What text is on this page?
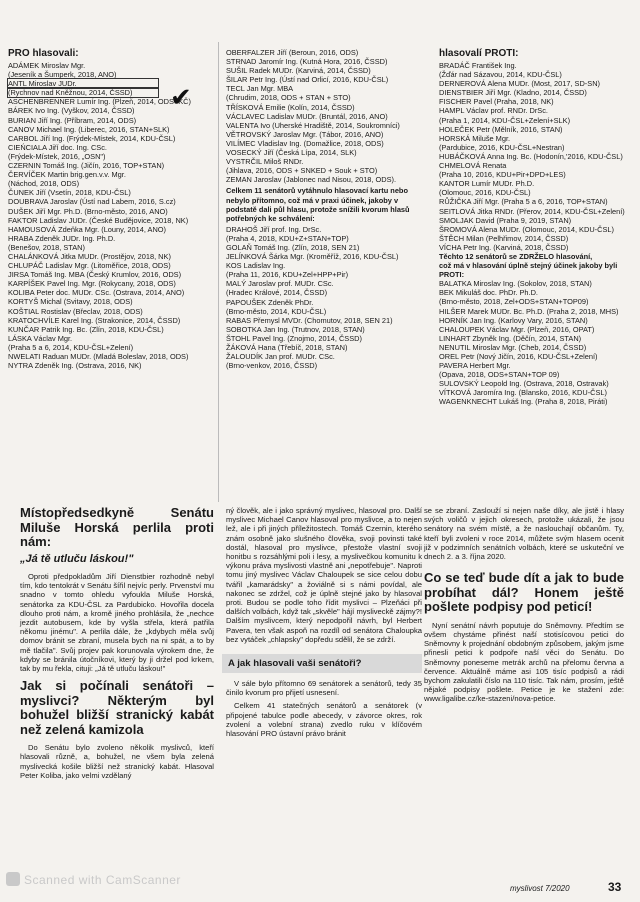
PRO hlasovali:
ADÁMEK Miroslav Mgr.
(Jeseník a Šumperk, 2018, ANO)
ANTL Miroslav JUDr.
(Rychnov nad Kněžnou, 2014, ČSSD)
ASCHENBRENNER Lumír Ing. (Plzeň, 2014, ODS+KČ)
BÁREK Ivo Ing. (Vyškov, 2014, ČSSD)
BURIAN Jiří Ing. (Příbram, 2014, ODS)
CANOV Michael Ing. (Liberec, 2016, STAN+SLK)
CARBOL Jiří Ing. (Frýdek-Místek, 2014, KDU-ČSL)
CIEŃCIALA Jiří doc. Ing. CSc.
(Frýdek-Místek, 2016, „OSN")
CZERNIN Tomáš Ing. (Jičín, 2016, TOP+STAN)
ČERVÍČEK Martin brig.gen.v.v. Mgr.
(Náchod, 2018, ODS)
ČUNEK Jiří (Vsetín, 2018, KDU-ČSL)
DOUBRAVA Jaroslav (Ústí nad Labem, 2016, S.cz)
DUŠEK Jiří Mgr. Ph.D. (Brno-město, 2016, ANO)
FAKTOR Ladislav JUDr. (České Budějovice, 2018, NK)
HAMOUSOVÁ Zdeňka Mgr. (Louny, 2014, ANO)
HRABA Zdeněk JUDr. Ing. Ph.D.
(Benešov, 2018, STAN)
CHALÁNKOVÁ Jitka MUDr. (Prostějov, 2018, NK)
CHLUPÁČ Ladislav Mgr. (Litoměřice, 2018, ODS)
JIRSA Tomáš Ing. MBA (Český Krumlov, 2016, ODS)
KARPÍŠEK Pavel Ing. Mgr. (Rokycany, 2018, ODS)
KOLIBA Peter doc. MUDr. CSc. (Ostrava, 2014, ANO)
KORTYŠ Michal (Svitavy, 2018, ODS)
KOŠTIAL Rostislav (Břeclav, 2018, ODS)
KRATOCHVÍLE Karel Ing. (Strakonice, 2014, ČSSD)
KUNČAR Patrik Ing. Bc. (Zlín, 2018, KDU-ČSL)
LÁSKA Václav Mgr.
(Praha 5 a 6, 2014, KDU-ČSL+Zelení)
NWELATI Raduan MUDr. (Mladá Boleslav, 2018, ODS)
NYTRA Zdeněk Ing. (Ostrava, 2016, NK)
✔
OBERFALZER Jiří (Beroun, 2016, ODS)
STRNAD Jaromír Ing. (Kutná Hora, 2016, ČSSD)
SUŠIL Radek MUDr. (Karviná, 2014, ČSSD)
ŠILAR Petr Ing. (Ústí nad Orlicí, 2016, KDU-ČSL)
TECL Jan Mgr. MBA
(Chrudim, 2018, ODS + STAN + STO)
TŘÍSKOVÁ Emilie (Kolín, 2014, ČSSD)
VÁCLAVEC Ladislav MUDr. (Bruntál, 2016, ANO)
VALENTA Ivo (Uherské Hradiště, 2014, Soukromníci)
VĚTROVSKÝ Jaroslav Mgr. (Tábor, 2016, ANO)
VILÍMEC Vladislav Ing. (Domažlice, 2018, ODS)
VOSECKÝ Jiří (Česká Lípa, 2014, SLK)
VYSTRČIL Miloš RNDr.
(Jihlava, 2016, ODS + SNKED + Souk + STO)
ZEMAN Jaroslav (Jablonec nad Nisou, 2018, ODS).
Celkem 11 senátorů vytáhnulo hlasovací kartu nebo nebylo přítomno, což má v praxi účinek, jakoby v podstatě dali půl hlasu, protože snížili kvorum hlasů potřebných ke schválení:
DRAHOŠ Jiří prof. Ing. DrSc.
(Praha 4, 2018, KDU+Z+STAN+TOP)
GOLAŇ Tomáš Ing. (Zlín, 2018, SEN 21)
JELÍNKOVÁ Šárka Mgr. (Kroměříž, 2016, KDU-ČSL)
KOS Ladislav Ing.
(Praha 11, 2016, KDU+Zel+HPP+Pir)
MALÝ Jaroslav prof. MUDr. CSc.
(Hradec Králové, 2014, ČSSD)
PAPOUŠEK Zdeněk PhDr.
(Brno-město, 2014, KDU-ČSL)
RABAS Přemysl MVDr. (Chomutov, 2018, SEN 21)
SOBOTKA Jan Ing. (Trutnov, 2018, STAN)
ŠTOHL Pavel Ing. (Znojmo, 2014, ČSSD)
ŽÁKOVÁ Hana (Třebíč, 2018, STAN)
ŽALOUDÍK Jan prof. MUDr. CSc.
(Brno-venkov, 2016, ČSSD)
hlasovalí PROTI:
BRADÁČ František Ing.
(Žďár nad Sázavou, 2014, KDU-ČSL)
DERNEROVÁ Alena MUDr. (Most, 2017, SD-SN)
DIENSTBIER Jiří Mgr. (Kladno, 2014, ČSSD)
FISCHER Pavel (Praha, 2018, NK)
HAMPL Václav prof. RNDr. DrSc.
(Praha 1, 2014, KDU-ČSL+Zelení+SLK)
HOLEČEK Petr (Mělník, 2016, STAN)
HORSKÁ Miluše Mgr.
(Pardubice, 2016, KDU-ČSL+Nestran)
HUBÁČKOVÁ Anna Ing. Bc. (Hodonín,'2016, KDU-ČSL)
CHMELOVÁ Renata
(Praha 10, 2016, KDU+Pir+DPD+LES)
KANTOR Lumír MUDr. Ph.D.
(Olomouc, 2016, KDU-ČSL)
RŮŽIČKA Jiří Mgr. (Praha 5 a 6, 2016, TOP+STAN)
SEITLOVÁ Jitka RNDr. (Přerov, 2014, KDU-ČSL+Zelení)
SMOLJAK David (Praha 9, 2019, STAN)
ŠROMOVÁ Alena MUDr. (Olomouc, 2014, KDU-ČSL)
ŠTĚCH Milan (Pelhřimov, 2014, ČSSD)
VÍCHA Petr Ing. (Karviná, 2018, ČSSD)
Těchto 12 senátorů se ZDRŽELO hlasování,
což má v hlasování úplně stejný účinek jakoby byli PROTI:
BALATKA Miroslav Ing. (Sokolov, 2018, STAN)
BEK Mikuláš doc. PhDr. Ph.D.
(Brno-město, 2018, Zel+ODS+STAN+TOP09)
HILŠER Marek MUDr. Bc. Ph.D. (Praha 2, 2018, MHS)
HORNÍK Jan Ing. (Karlovy Vary, 2016, STAN)
CHALOUPEK Václav Mgr. (Plzeň, 2016, OPAT)
LINHART Zbyněk Ing. (Děčín, 2014, STAN)
NENUTIL Miroslav Mgr. (Cheb, 2014, ČSSD)
OREL Petr (Nový Jičín, 2016, KDU-ČSL+Zelení)
PAVERA Herbert Mgr.
(Opava, 2018, ODS+STAN+TOP 09)
SULOVSKÝ Leopold Ing. (Ostrava, 2018, Ostravak)
VÍTKOVÁ Jaromíra Ing. (Blansko, 2016, KDU-ČSL)
WAGENKNECHT Lukáš Ing. (Praha 8, 2018, Piráti)
Místopředsedkyně Senátu Miluše Horská perlila proti nám:
„Já tě utluču láskou!"

Oproti předpokladům Jiří Dienstbier rozhodně nebyl tím, kdo tentokrát v Senátu šířil nejvíc perly. Prvenství mu snadno v tomto ohledu vyfoukla Miluše Horská, senátorka za KDU-ČSL za Pardubicko. Hovořila docela dlouho proti nám, a kromě jiného prohlásila, že „nechce jezdit autobusem, kde by vyšla střela, která patřila někomu jinému". A perlila dále, že „kdybych měla svůj domov bránit se zbraní, musela bych na ni spát, a to by mě tlačila". Svůj projev pak korunovala výrokem dne, že kdyby se bránila útočníkovi, který by ji držel pod krkem, tak by mu řekla, cituji: „Já tě utluču láskou!"

Jak si počínali senátoři – myslivci? Některým byl bohužel bližší stranický kabát než zelená kamizola

Do Senátu bylo zvoleno několik myslivců, kteří hlasovali různě, a, bohužel, ne všem byla zelená myslivecká košile bližší než stranický kabát. Hlasoval Peter Koliba, jako velmi vzdělaný

ný člověk, ale i jako správný myslivec, hlasoval pro. Další myslivec Michael Canov hlasoval pro myslivce, a to nejen lež, ale i při jiných příležitostech. Tomáš Czernin, kterého znám osobně jako slušného člověka, svoji povinsti také dostál, hlasoval pro myslivce, přestože vlastní svoji honitbu s rozsáhlými poli i lesy, a myslivečkou komunitu k výkonu práva myslivosti vlastně ani „nepotřebuje". Naproti tomu jiný myslivec Václav Chaloupek se sice celou dobu tvářil „kamarádsky" a žoviálně si s námi povídal, ale nakonec se zdržel, což je úplně stejné jako by hlasoval proti. Budou se podle toho řídit myslivci – Plzeňáci při dalších volbách, když tak „skvěle" hájí mysliveckě zájmy?! Dalším myslivcem, který nepodpořil návrh, byl Herbert Pavera, ten však aspoň na rozdíl od senátora Chaloupka bez vytáček „chlapsky" dopředu sdělil, že se zdrží.

A jak hlasovali vaši senátoři?

V sále bylo přítomno 69 senátorek a senátorů, tedy 35 činilo kvorum pro přijetí usnesení.

Celkem 41 statečných senátorů a senátorek (v připojené tabulce podle abecedy, v závorce okres, rok zvolení a volební strana) zvedlo ruku v klíčovém hlasování PRO ústavní právo bránit

se se zbraní. Zaslouží si nejen naše díky, ale jistě i hlasy svých voličů v jejich okresech, protože ukázali, že jsou senátory na svém místě, a že naslouchají občanům. Ty, kteří byli zvoleni v roce 2014, můžete svým hlasem ocenit již v podzimních senátních volbách, které se uskuteční ve dnech 2. a 3. října 2020.

Co se teď bude dít a jak to bude probíhat dál? Honem ještě pošlete podpisy pod peticí!

Nyní senátní návrh poputuje do Sněmovny. Předtím se ovšem chystáme přinést naší stotisícovou petici do Sněmovny k projednání obdobným způsobem, jakým jsme přinesli petici k podpoře naší věci do Senátu. Do Sněmovny poneseme metrák archů na přelomu června a července. Aktuálně máme asi 105 tisíc podpisů a rádi bychom zakulatili číslo na 110 tisíc. Tak nám, prosím, ještě nějaké podpisy pošlete. Petice je ke stažení zde: www.ligalibe.cz/ke-stazeni/nova-petice.

Scanned with CamScanner
myslivost 7/2020	33
